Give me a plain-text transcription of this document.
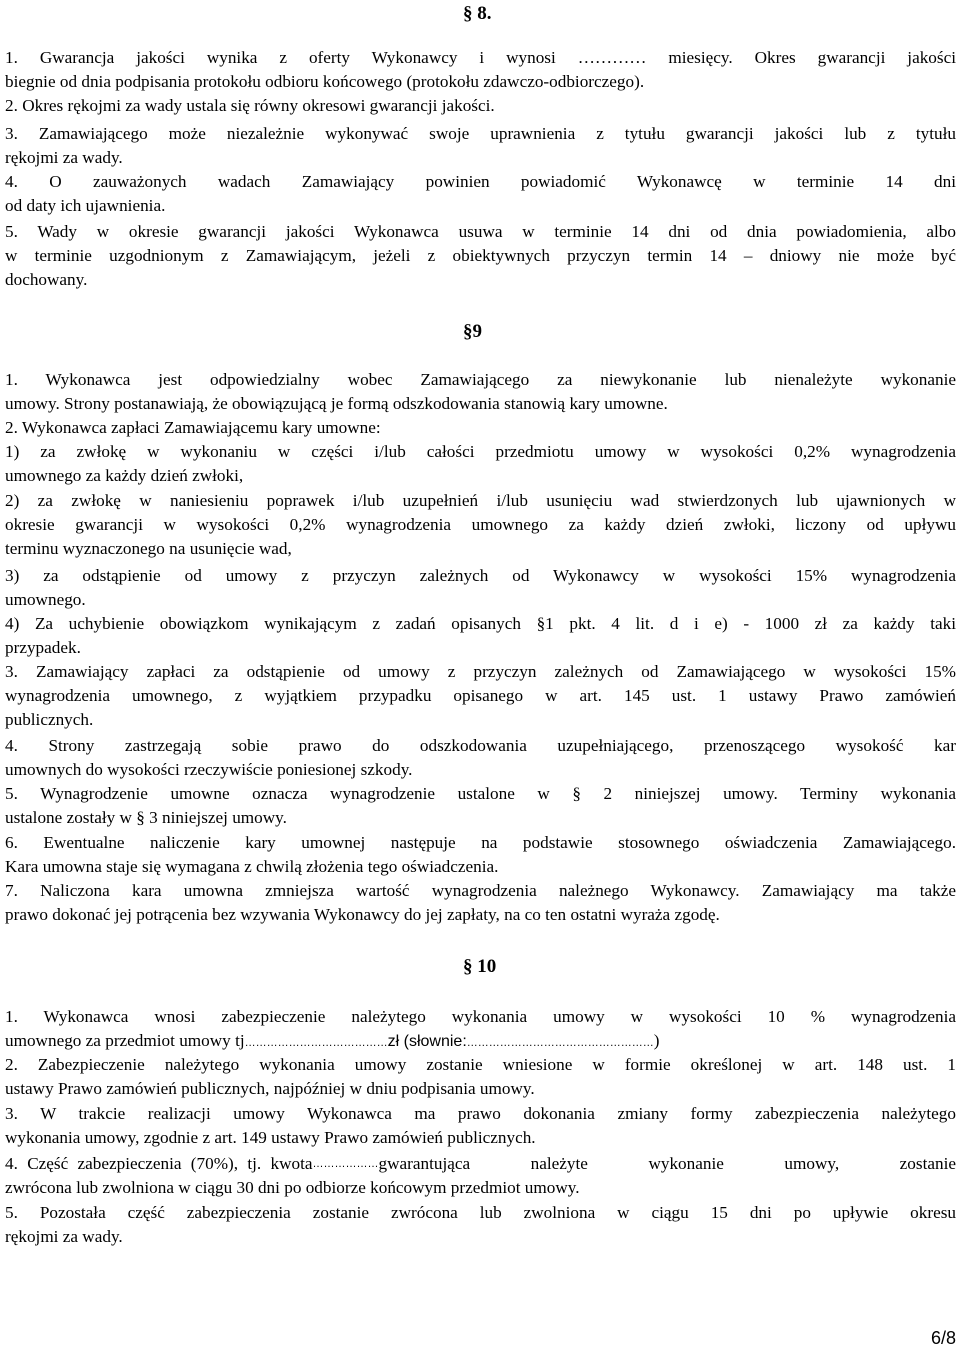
§ 8.
1. Gwarancja jakości wynika z oferty Wykonawcy i wynosi ………… miesięcy. Okres gwarancji jakości
biegnie od dnia podpisania protokołu odbioru końcowego (protokołu zdawczo-odbiorczego).
2. Okres rękojmi za wady ustala się równy okresowi gwarancji jakości.
3. Zamawiającego może niezależnie wykonywać swoje uprawnienia z tytułu gwarancji jakości lub z tytułu
rękojmi za wady.
4. O zauważonych wadach Zamawiający powinien powiadomić Wykonawcę w terminie 14 dni
od daty ich ujawnienia.
5. Wady w okresie gwarancji jakości Wykonawca usuwa w terminie 14 dni od dnia powiadomienia, albo
w terminie uzgodnionym z Zamawiającym, jeżeli z obiektywnych przyczyn termin 14 – dniowy nie może być
dochowany.
§9
1. Wykonawca jest odpowiedzialny wobec Zamawiającego za niewykonanie lub nienależyte wykonanie
umowy. Strony postanawiają, że obowiązującą je formą odszkodowania stanowią kary umowne.
2. Wykonawca zapłaci Zamawiającemu kary umowne:
1) za zwłokę w wykonaniu w części i/lub całości przedmiotu umowy w wysokości 0,2% wynagrodzenia
umownego za każdy dzień zwłoki,
2) za zwłokę w naniesieniu poprawek i/lub uzupełnień i/lub usunięciu wad stwierdzonych lub ujawnionych w
okresie gwarancji w wysokości 0,2% wynagrodzenia umownego za każdy dzień zwłoki, liczony od upływu
terminu wyznaczonego na usunięcie wad,
3) za odstąpienie od umowy z przyczyn zależnych od Wykonawcy w wysokości 15% wynagrodzenia
umownego.
4) Za uchybienie obowiązkom wynikającym z zadań opisanych §1 pkt. 4 lit. d i e) - 1000 zł za każdy taki
przypadek.
3. Zamawiający zapłaci za odstąpienie od umowy z przyczyn zależnych od Zamawiającego w wysokości 15%
wynagrodzenia umownego, z wyjątkiem przypadku opisanego w art. 145 ust. 1 ustawy Prawo zamówień
publicznych.
4. Strony zastrzegają sobie prawo do odszkodowania uzupełniającego, przenoszącego wysokość kar
umownych do wysokości rzeczywiście poniesionej szkody.
5. Wynagrodzenie umowne oznacza wynagrodzenie ustalone w § 2 niniejszej umowy. Terminy wykonania
ustalone zostały w § 3 niniejszej umowy.
6. Ewentualne naliczenie kary umownej następuje na podstawie stosownego oświadczenia Zamawiającego.
Kara umowna staje się wymagana z chwilą złożenia tego oświadczenia.
7. Naliczona kara umowna zmniejsza wartość wynagrodzenia należnego Wykonawcy. Zamawiający ma także
prawo dokonać jej potrącenia bez wzywania Wykonawcy do jej zapłaty, na co ten ostatni wyraża zgodę.
§ 10
1. Wykonawca wnosi zabezpieczenie należytego wykonania umowy w wysokości 10 % wynagrodzenia
umownego za przedmiot umowy tj…………………………………zł (słownie:……………………………………………)
2. Zabezpieczenie należytego wykonania umowy zostanie wniesione w formie określonej w art. 148 ust. 1
ustawy Prawo zamówień publicznych, najpóźniej w dniu podpisania umowy.
3. W trakcie realizacji umowy Wykonawca ma prawo dokonania zmiany formy zabezpieczenia należytego
wykonania umowy, zgodnie z art. 149 ustawy Prawo zamówień publicznych.
4. Część zabezpieczenia (70%), tj. kwota ……………… gwarantująca należyte wykonanie umowy, zostanie
zwrócona lub zwolniona w ciągu 30 dni po odbiorze końcowym przedmiot umowy.
5. Pozostała część zabezpieczenia zostanie zwrócona lub zwolniona w ciągu 15 dni po upływie okresu
rękojmi za wady.
6/8
